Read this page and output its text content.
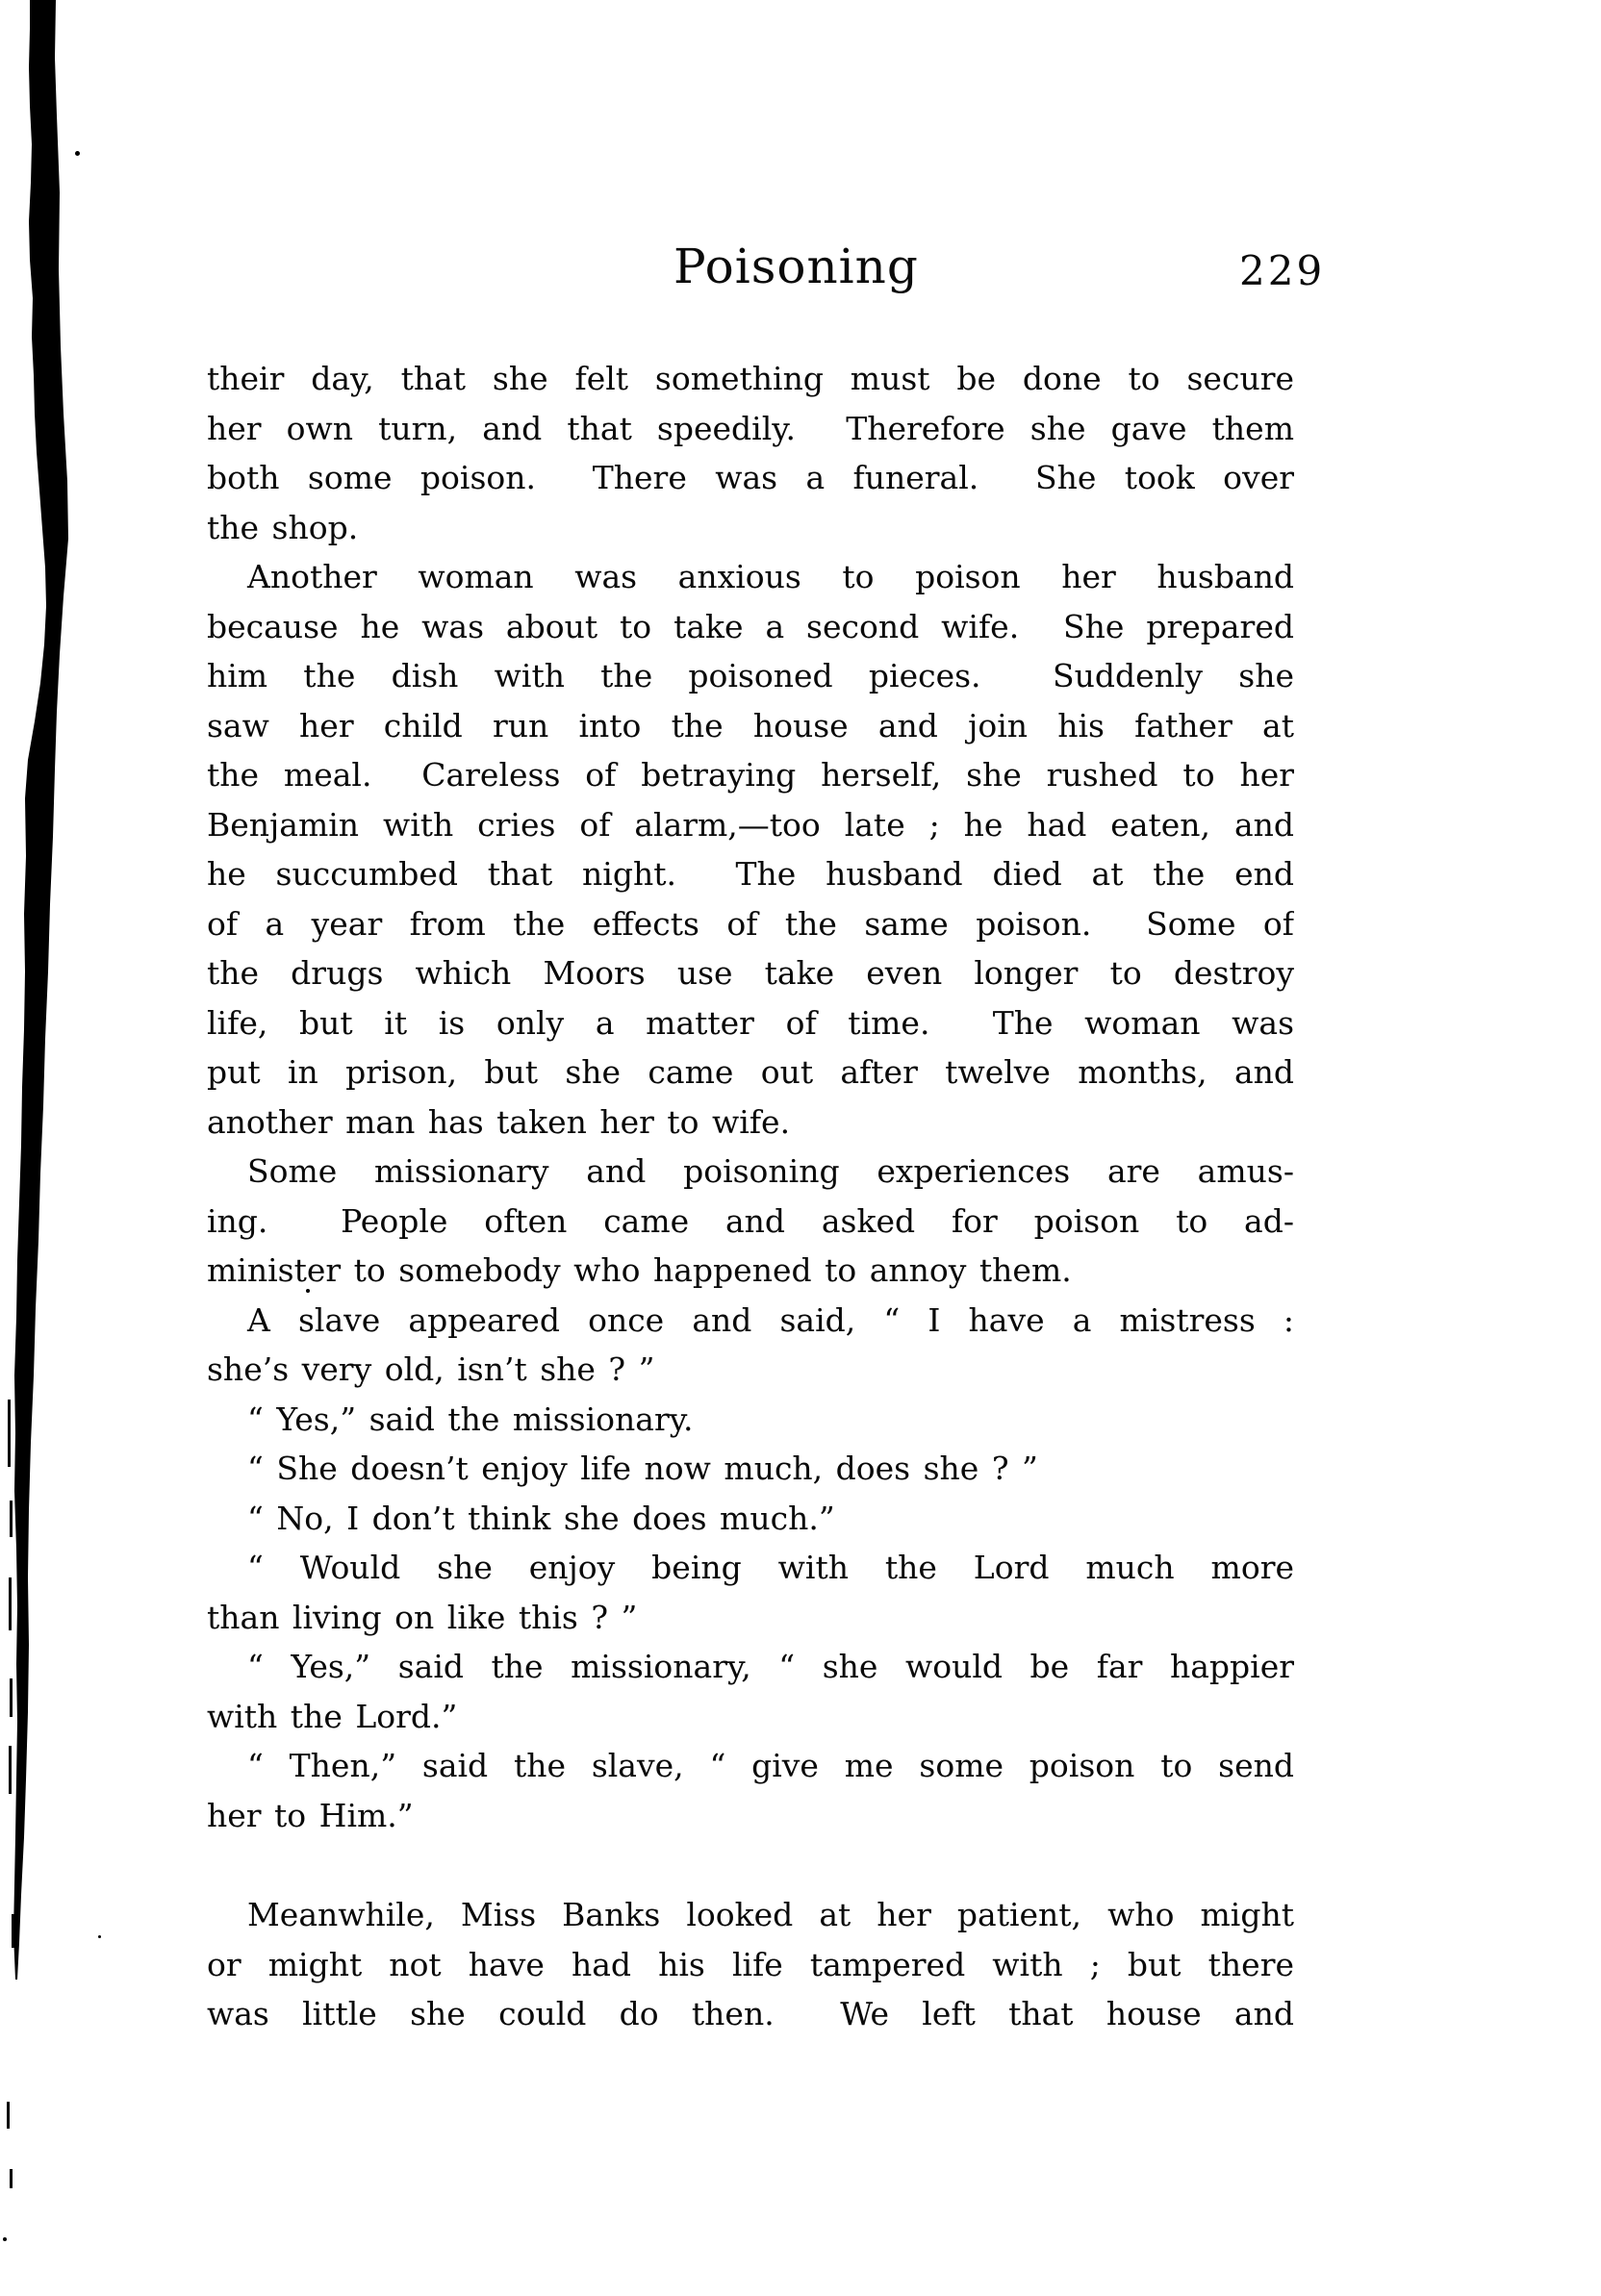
Poisoning	229
their day, that she felt something must be done to secure
her own turn, and that speedily.  Therefore she gave them
both some poison.  There was a funeral.  She took over
the shop.
Another woman was anxious to poison her husband
because he was about to take a second wife.  She prepared
him the dish with the poisoned pieces.  Suddenly she
saw her child run into the house and join his father at
the meal.  Careless of betraying herself, she rushed to her
Benjamin with cries of alarm,—too late ; he had eaten, and
he succumbed that night.  The husband died at the end
of a year from the effects of the same poison.  Some of
the drugs which Moors use take even longer to destroy
life, but it is only a matter of time.  The woman was
put in prison, but she came out after twelve months, and
another man has taken her to wife.
Some missionary and poisoning experiences are amus-
ing.  People often came and asked for poison to ad-
minister to somebody who happened to annoy them.
A slave appeared once and said, “ I have a mistress :
she’s very old, isn’t she ? ”
“ Yes,” said the missionary.
“ She doesn’t enjoy life now much, does she ? ”
“ No, I don’t think she does much.”
“ Would she enjoy being with the Lord much more
than living on like this ? ”
“ Yes,” said the missionary, “ she would be far happier
with the Lord.”
“ Then,” said the slave, “ give me some poison to send
her to Him.”
Meanwhile, Miss Banks looked at her patient, who might
or might not have had his life tampered with ; but there
was little she could do then.  We left that house and
